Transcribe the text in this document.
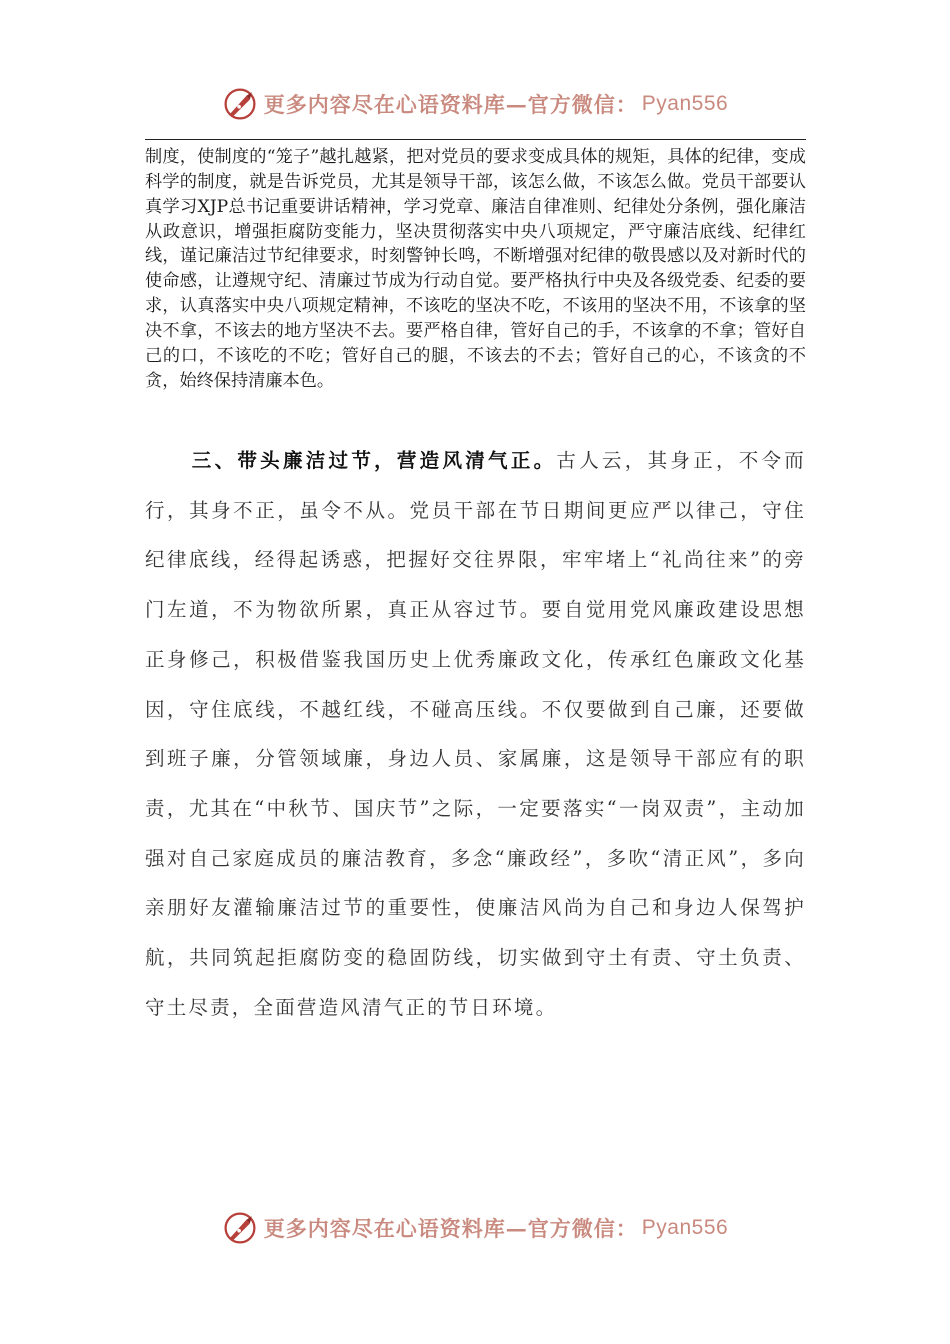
更多内容尽在心语资料库—官方微信： Pyan556

制度，使制度的“笼子”越扎越紧，把对党员的要求变成具体的规矩，具体的纪律，变成科学的制度，就是告诉党员，尤其是领导干部，该怎么做，不该怎么做。党员干部要认真学习XJP总书记重要讲话精神，学习党章、廉洁自律准则、纪律处分条例，强化廉洁从政意识，增强拒腐防变能力，坚决贯彻落实中央八项规定，严守廉洁底线、纪律红线，谨记廉洁过节纪律要求，时刻警钟长鸣，不断增强对纪律的敬畏感以及对新时代的使命感，让遵规守纪、清廉过节成为行动自觉。要严格执行中央及各级党委、纪委的要求，认真落实中央八项规定精神，不该吃的坚决不吃，不该用的坚决不用，不该拿的坚决不拿，不该去的地方坚决不去。要严格自律，管好自己的手，不该拿的不拿；管好自己的口，不该吃的不吃；管好自己的腿，不该去的不去；管好自己的心，不该贪的不贪，始终保持清廉本色。

三、带头廉洁过节，营造风清气正。古人云，其身正，不令而行，其身不正，虽令不从。党员干部在节日期间更应严以律己，守住纪律底线，经得起诱惑，把握好交往界限，牢牢堵上“礼尚往来”的旁门左道，不为物欲所累，真正从容过节。要自觉用党风廉政建设思想正身修己，积极借鉴我国历史上优秀廉政文化，传承红色廉政文化基因，守住底线，不越红线，不碰高压线。不仅要做到自己廉，还要做到班子廉，分管领域廉，身边人员、家属廉，这是领导干部应有的职责，尤其在“中秋节、国庆节”之际，一定要落实“一岗双责”，主动加强对自己家庭成员的廉洁教育，多念“廉政经”，多吹“清正风”，多向亲朋好友灌输廉洁过节的重要性，使廉洁风尚为自己和身边人保驾护航，共同筑起拒腐防变的稳固防线，切实做到守土有责、守土负责、守土尽责，全面营造风清气正的节日环境。

更多内容尽在心语资料库—官方微信： Pyan556
